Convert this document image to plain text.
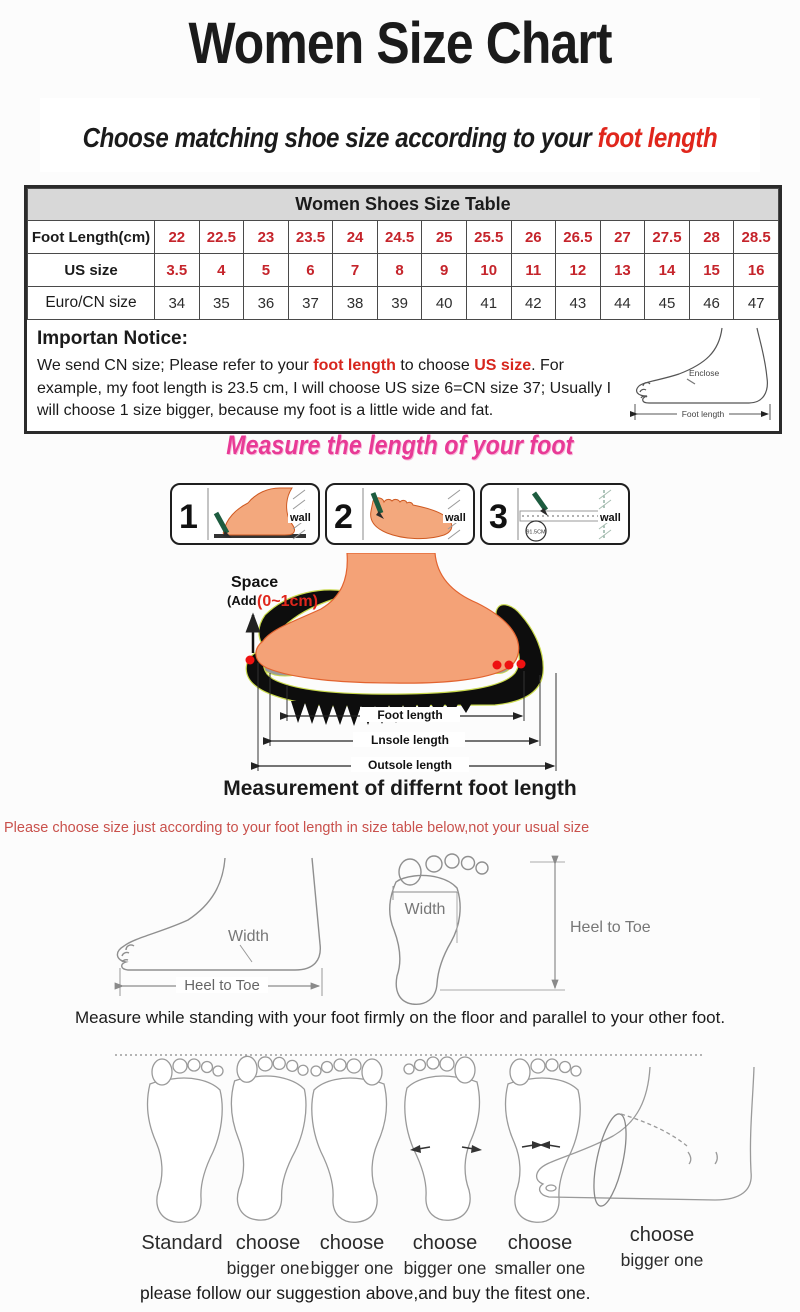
Women Size Chart
Choose matching shoe size according to your foot length
Women Shoes Size Table														
Foot Length(cm)	22	22.5	23	23.5	24	24.5	25	25.5	26	26.5	27	27.5	28	28.5
US size	3.5	4	5	6	7	8	9	10	11	12	13	14	15	16
Euro/CN size	34	35	36	37	38	39	40	41	42	43	44	45	46	47
Importan Notice:
We send CN size; Please refer to your foot length to choose US size. For example, my foot length is 23.5 cm, I will choose US size 6=CN size 37; Usually I will choose 1 size bigger, because my foot is a little wide and fat.
Enclose
Foot length
Measure the length of your foot
1	wall 2	wall 3	91.5CM
wall
Space
(Add (0~1cm)
Foot length
Lnsole length
Outsole length
Measurement of differnt foot length
Please choose size just according to your foot length in size table below,not your usual size
Width
Heel to Toe
Width
Heel to Toe
Measure while standing with your foot firmly on the floor and parallel to your other foot.
Standard choose
bigger one
choose
bigger one
choose
bigger one
choose
smaller one
choose
bigger one
please follow our suggestion above,and buy the fitest one.
